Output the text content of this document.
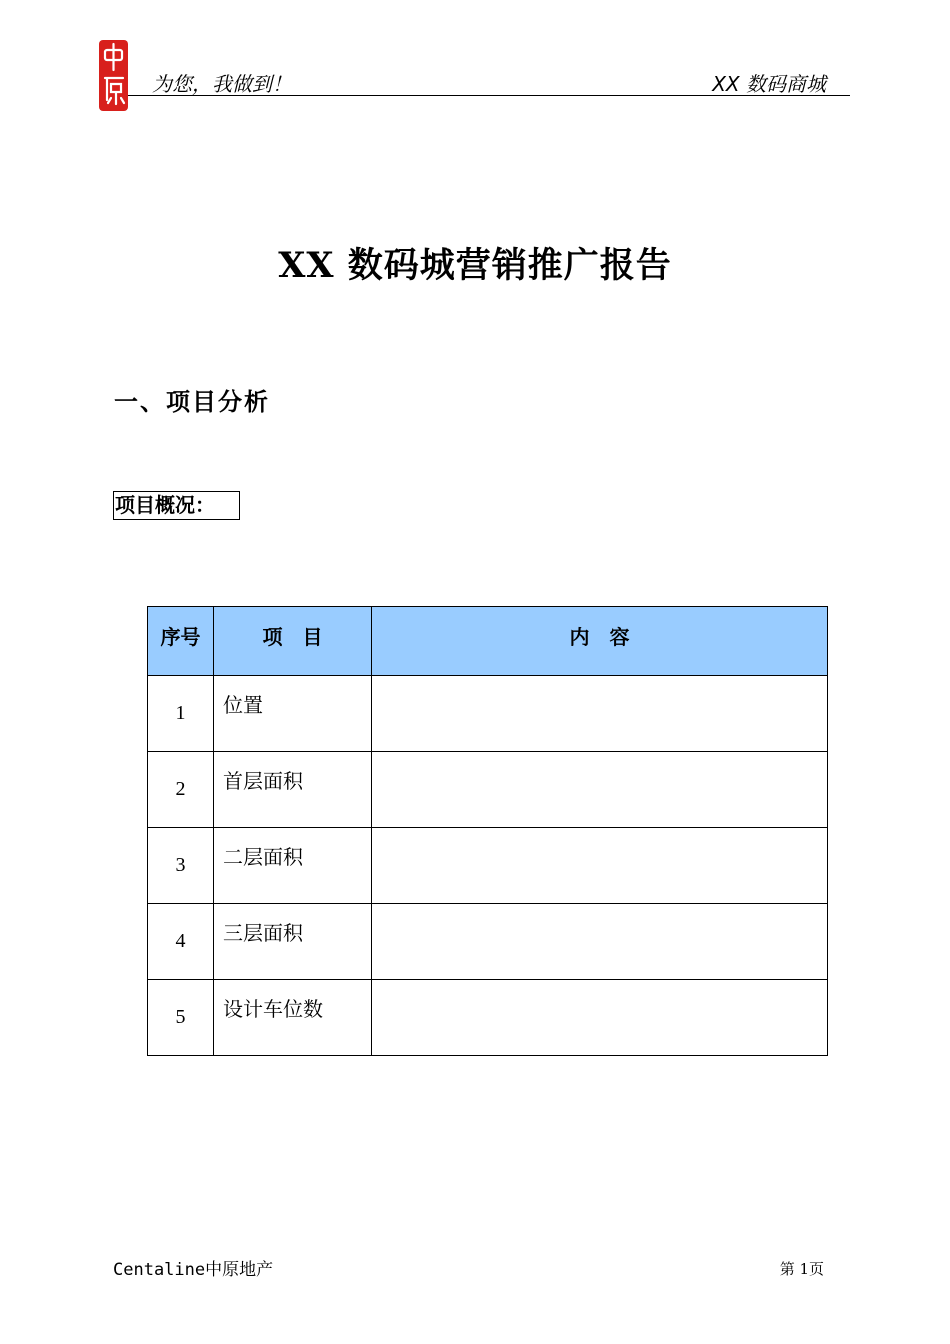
为您，我做到！	XX 数码商城
XX 数码城营销推广报告
一、项目分析
项目概况：
序号	项　目	内　容
1	位置	
2	首层面积	
3	二层面积	
4	三层面积	
5	设计车位数	
Centaline中原地产	第 1页
